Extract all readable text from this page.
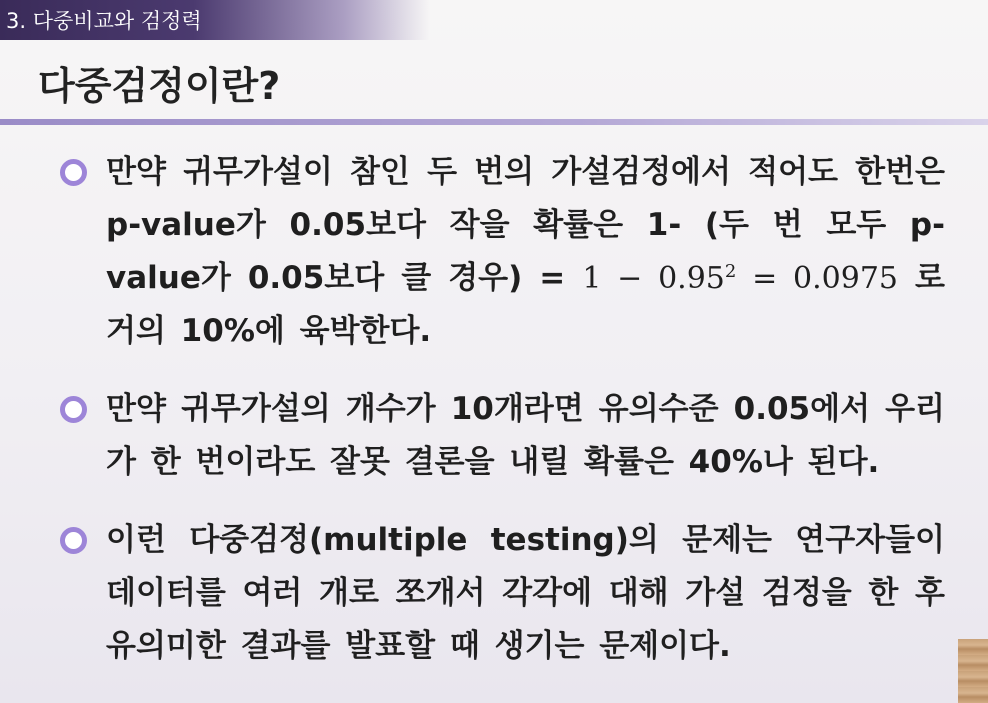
3. 다중비교와 검정력
다중검정이란?
만약 귀무가설이 참인 두 번의 가설검정에서 적어도 한번은 p-value가 0.05보다 작을 확률은 1- (두 번 모두 p-value가 0.05보다 클 경우) = $1 - 0.95^2 = 0.0975$ 로 거의 10%에 육박한다.
만약 귀무가설의 개수가 10개라면 유의수준 0.05에서 우리가 한 번이라도 잘못 결론을 내릴 확률은 40%나 된다.
이런 다중검정(multiple testing)의 문제는 연구자들이 데이터를 여러 개로 쪼개서 각각에 대해 가설 검정을 한 후 유의미한 결과를 발표할 때 생기는 문제이다.
